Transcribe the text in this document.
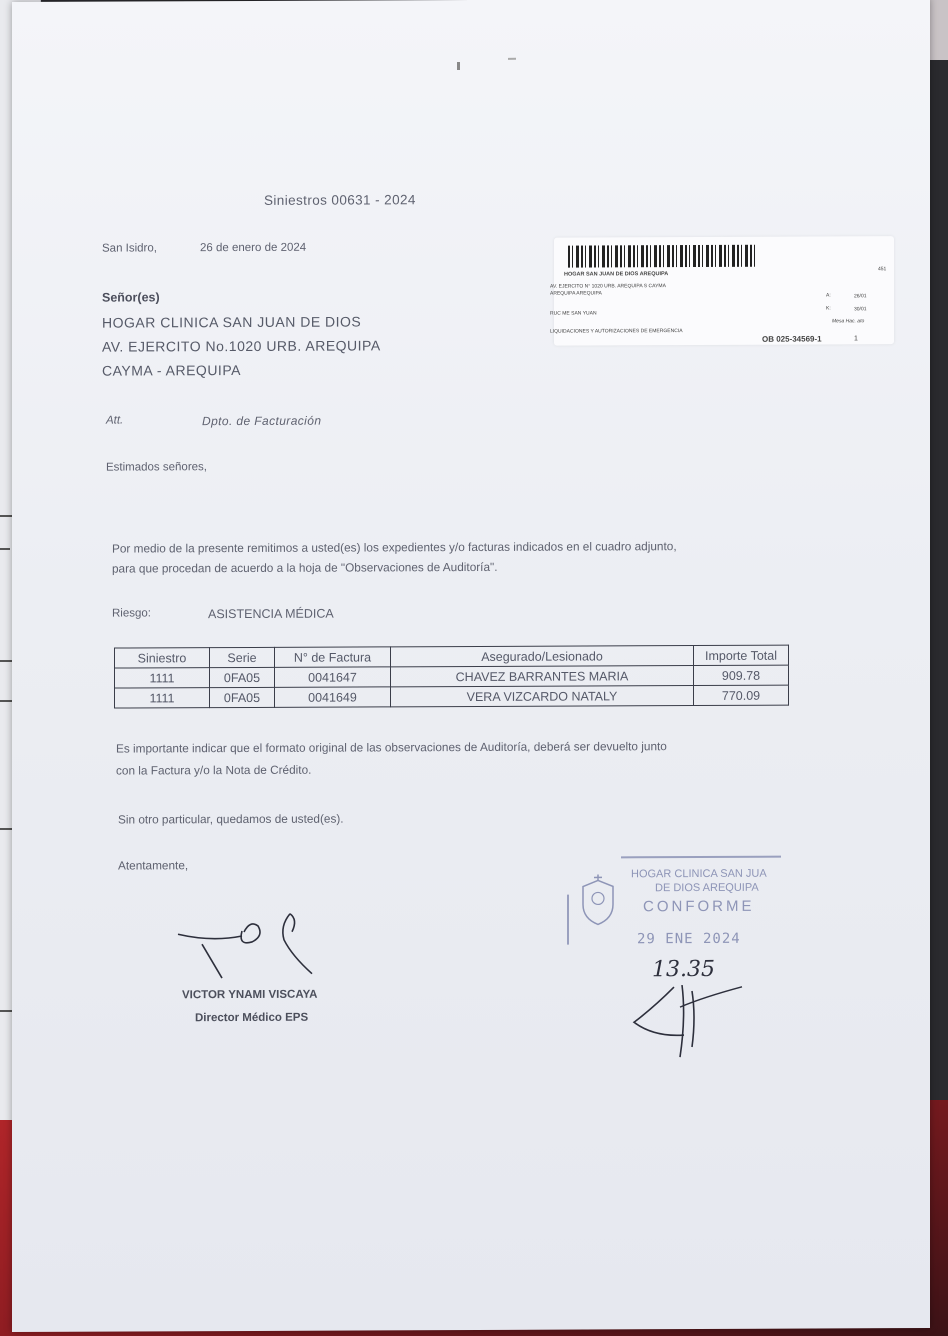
Siniestros 00631 - 2024
San Isidro,	26 de enero de 2024
Señor(es)
HOGAR CLINICA SAN JUAN DE DIOS
AV. EJERCITO No.1020 URB. AREQUIPA
CAYMA - AREQUIPA
Att.	Dpto. de Facturación
Estimados señores,
Por medio de la presente remitimos a usted(es) los expedientes y/o facturas indicados en el cuadro adjunto,
para que procedan de acuerdo a la hoja de "Observaciones de Auditoría".
Riesgo:	ASISTENCIA MÉDICA
Siniestro	Serie	N° de Factura	Asegurado/Lesionado	Importe Total
1111	0FA05	0041647	CHAVEZ BARRANTES MARIA	909.78
1111	0FA05	0041649	VERA VIZCARDO NATALY	770.09
Es importante indicar que el formato original de las observaciones de Auditoría, deberá ser devuelto junto
con la Factura y/o la Nota de Crédito.
Sin otro particular, quedamos de usted(es).
Atentamente,
VICTOR YNAMI VISCAYA
Director Médico EPS
HOGAR SAN JUAN DE DIOS AREQUIPA
AV. EJERCITO N° 1020 URB. AREQUIPA S CAYMA
AREQUIPA AREQUIPA
RUC ME SAN YUAN
LIQUIDACIONES Y AUTORIZACIONES DE EMERGENCIA
451
A:	26/01
K:	30/01
Mesa Hac. ato
OB 025-34569-1	1
HOGAR CLINICA SAN JUA
DE DIOS AREQUIPA
CONFORME
29 ENE 2024
13.35
